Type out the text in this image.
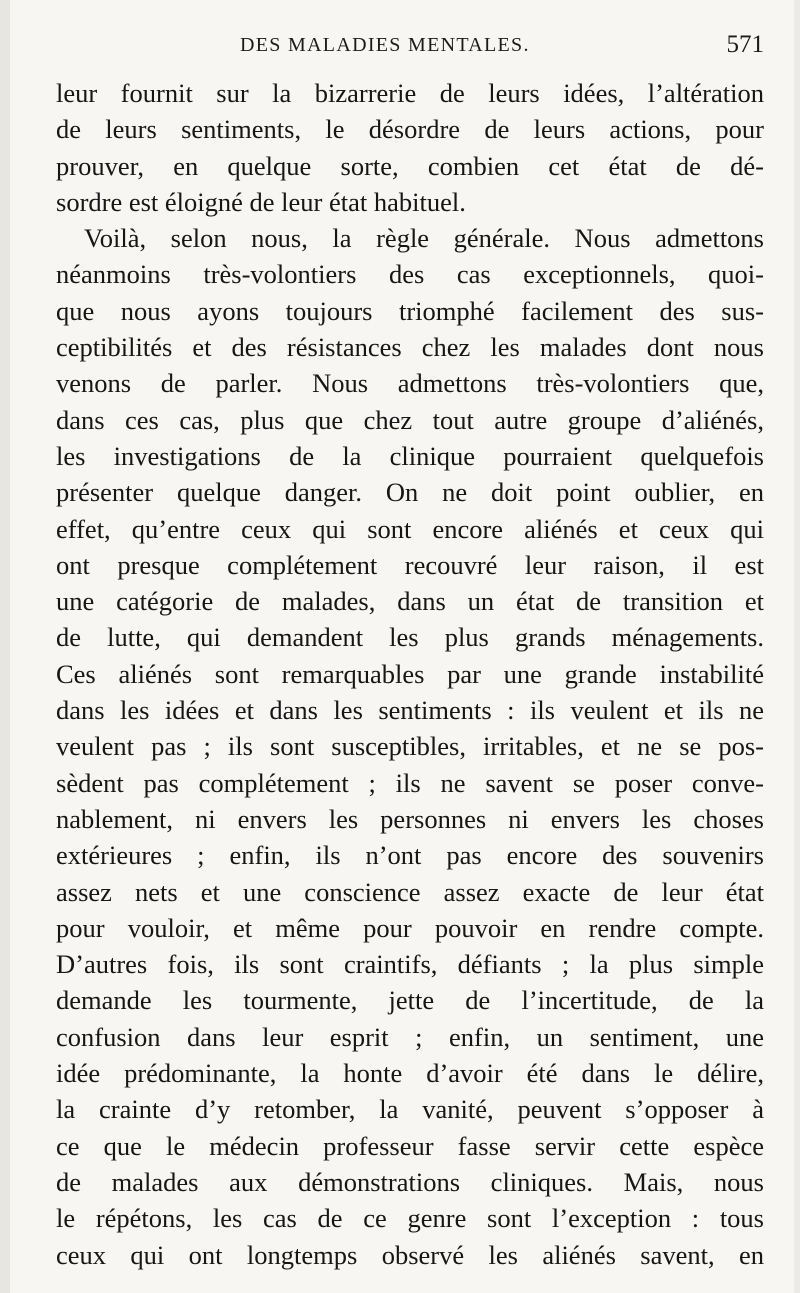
DES MALADIES MENTALES.	571
leur fournit sur la bizarrerie de leurs idées, l’altération
de leurs sentiments, le désordre de leurs actions, pour
prouver, en quelque sorte, combien cet état de dé-
sordre est éloigné de leur état habituel.
Voilà, selon nous, la règle générale. Nous admettons
néanmoins très-volontiers des cas exceptionnels, quoi-
que nous ayons toujours triomphé facilement des sus-
ceptibilités et des résistances chez les malades dont nous
venons de parler. Nous admettons très-volontiers que,
dans ces cas, plus que chez tout autre groupe d’aliénés,
les investigations de la clinique pourraient quelquefois
présenter quelque danger. On ne doit point oublier, en
effet, qu’entre ceux qui sont encore aliénés et ceux qui
ont presque complétement recouvré leur raison, il est
une catégorie de malades, dans un état de transition et
de lutte, qui demandent les plus grands ménagements.
Ces aliénés sont remarquables par une grande instabilité
dans les idées et dans les sentiments : ils veulent et ils ne
veulent pas ; ils sont susceptibles, irritables, et ne se pos-
sèdent pas complétement ; ils ne savent se poser conve-
nablement, ni envers les personnes ni envers les choses
extérieures ; enfin, ils n’ont pas encore des souvenirs
assez nets et une conscience assez exacte de leur état
pour vouloir, et même pour pouvoir en rendre compte.
D’autres fois, ils sont craintifs, défiants ; la plus simple
demande les tourmente, jette de l’incertitude, de la
confusion dans leur esprit ; enfin, un sentiment, une
idée prédominante, la honte d’avoir été dans le délire,
la crainte d’y retomber, la vanité, peuvent s’opposer à
ce que le médecin professeur fasse servir cette espèce
de malades aux démonstrations cliniques. Mais, nous
le répétons, les cas de ce genre sont l’exception : tous
ceux qui ont longtemps observé les aliénés savent, en
